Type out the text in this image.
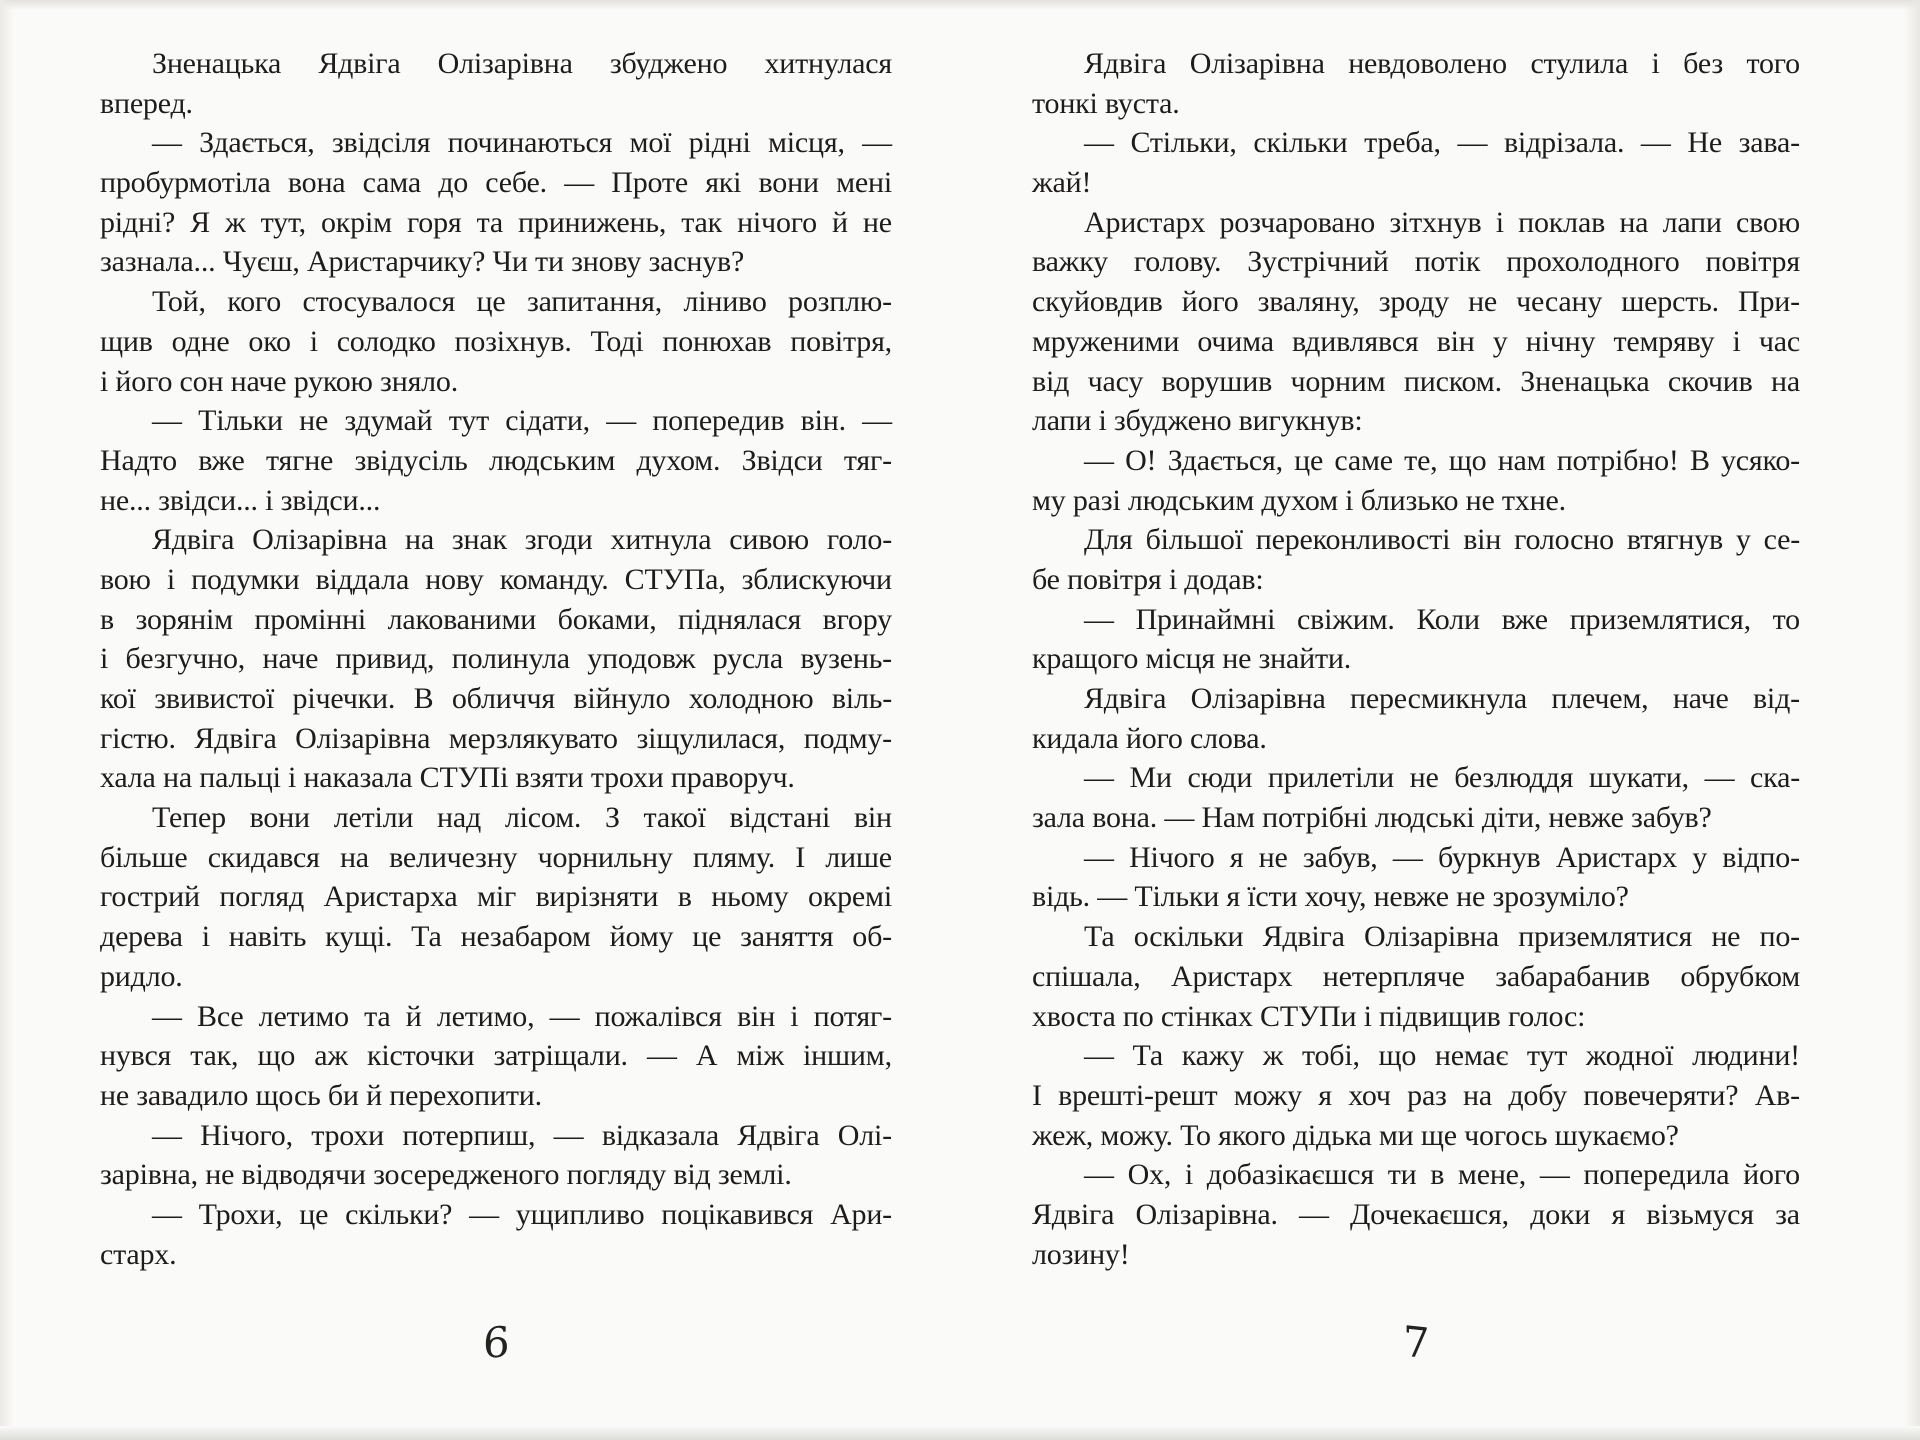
Зненацька Ядвіга Олізарівна збуджено хитнулася
вперед.
— Здається, звідсіля починаються мої рідні місця, —
пробурмотіла вона сама до себе. — Проте які вони мені
рідні? Я ж тут, окрім горя та принижень, так нічого й не
зазнала... Чуєш, Аристарчику? Чи ти знову заснув?
Той, кого стосувалося це запитання, ліниво розплю-
щив одне око і солодко позіхнув. Тоді понюхав повітря,
і його сон наче рукою зняло.
— Тільки не здумай тут сідати, — попередив він. —
Надто вже тягне звідусіль людським духом. Звідси тяг-
не... звідси... і звідси...
Ядвіга Олізарівна на знак згоди хитнула сивою голо-
вою і подумки віддала нову команду. СТУПа, зблискуючи
в зорянім промінні лакованими боками, піднялася вгору
і безгучно, наче привид, полинула уподовж русла вузень-
кої звивистої річечки. В обличчя війнуло холодною віль-
гістю. Ядвіга Олізарівна мерзлякувато зіщулилася, подму-
хала на пальці і наказала СТУПі взяти трохи праворуч.
Тепер вони летіли над лісом. З такої відстані він
більше скидався на величезну чорнильну пляму. І лише
гострий погляд Аристарха міг вирізняти в ньому окремі
дерева і навіть кущі. Та незабаром йому це заняття об-
ридло.
— Все летимо та й летимо, — пожалівся він і потяг-
нувся так, що аж кісточки затріщали. — А між іншим,
не завадило щось би й перехопити.
— Нічого, трохи потерпиш, — відказала Ядвіга Олі-
зарівна, не відводячи зосередженого погляду від землі.
— Трохи, це скільки? — ущипливо поцікавився Ари-
старх.
Ядвіга Олізарівна невдоволено стулила і без того
тонкі вуста.
— Стільки, скільки треба, — відрізала. — Не зава-
жай!
Аристарх розчаровано зітхнув і поклав на лапи свою
важку голову. Зустрічний потік прохолодного повітря
скуйовдив його зваляну, зроду не чесану шерсть. При-
мруженими очима вдивлявся він у нічну темряву і час
від часу ворушив чорним писком. Зненацька скочив на
лапи і збуджено вигукнув:
— О! Здається, це саме те, що нам потрібно! В усяко-
му разі людським духом і близько не тхне.
Для більшої переконливості він голосно втягнув у се-
бе повітря і додав:
— Принаймні свіжим. Коли вже приземлятися, то
кращого місця не знайти.
Ядвіга Олізарівна пересмикнула плечем, наче від-
кидала його слова.
— Ми сюди прилетіли не безлюддя шукати, — ска-
зала вона. — Нам потрібні людські діти, невже забув?
— Нічого я не забув, — буркнув Аристарх у відпо-
відь. — Тільки я їсти хочу, невже не зрозуміло?
Та оскільки Ядвіга Олізарівна приземлятися не по-
спішала, Аристарх нетерпляче забарабанив обрубком
хвоста по стінках СТУПи і підвищив голос:
— Та кажу ж тобі, що немає тут жодної людини!
І врешті-решт можу я хоч раз на добу повечеряти? Ав-
жеж, можу. То якого дідька ми ще чогось шукаємо?
— Ох, і добазікаєшся ти в мене, — попередила його
Ядвіга Олізарівна. — Дочекаєшся, доки я візьмуся за
лозину!
6	7
